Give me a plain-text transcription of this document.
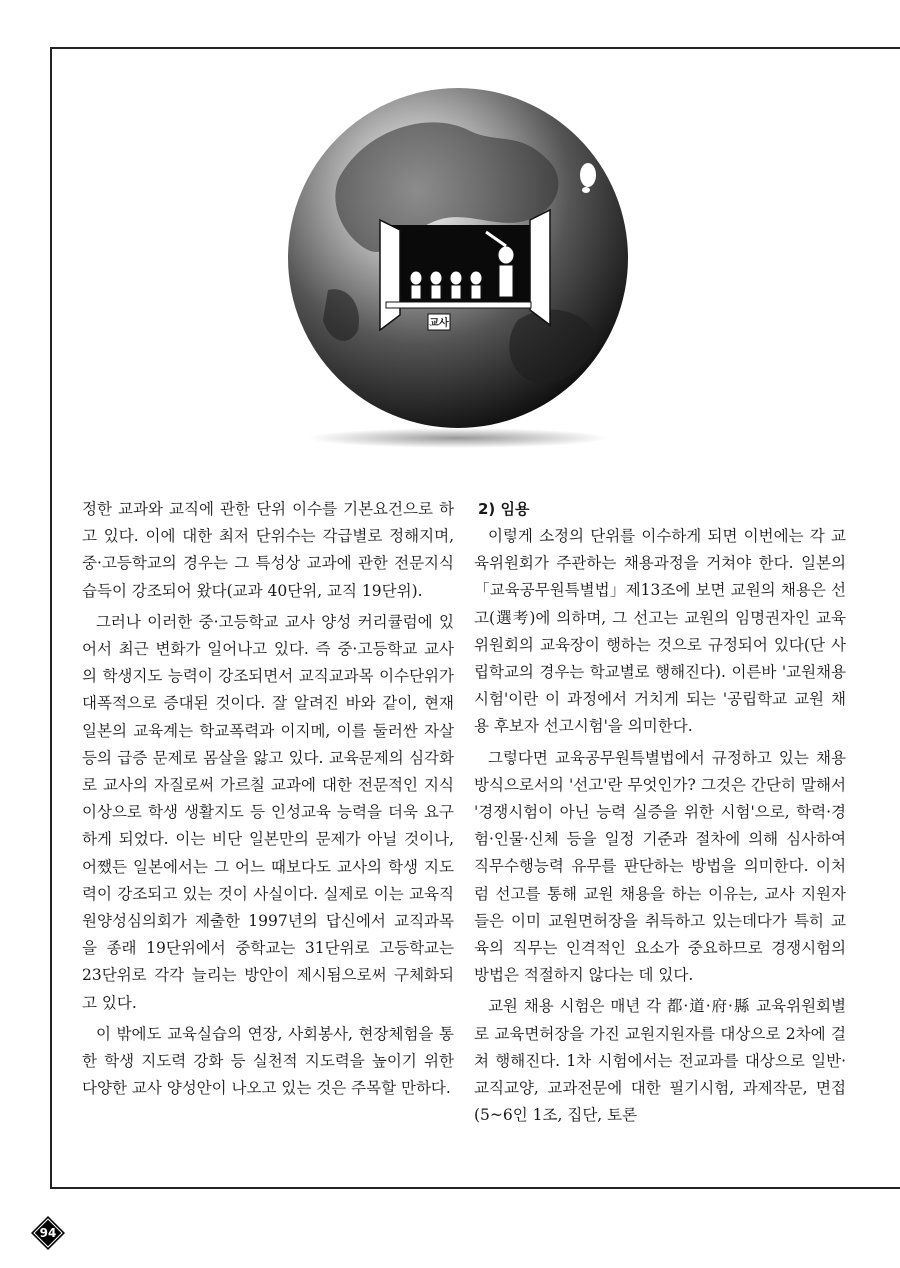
교사

정한 교과와 교직에 관한 단위 이수를 기본요건으로 하고 있다. 이에 대한 최저 단위수는 각급별로 정해지며, 중·고등학교의 경우는 그 특성상 교과에 관한 전문지식 습득이 강조되어 왔다(교과 40단위, 교직 19단위).

그러나 이러한 중·고등학교 교사 양성 커리큘럼에 있어서 최근 변화가 일어나고 있다. 즉 중·고등학교 교사의 학생지도 능력이 강조되면서 교직교과목 이수단위가 대폭적으로 증대된 것이다. 잘 알려진 바와 같이, 현재 일본의 교육계는 학교폭력과 이지메, 이를 둘러싼 자살 등의 급증 문제로 몸살을 앓고 있다. 교육문제의 심각화로 교사의 자질로써 가르칠 교과에 대한 전문적인 지식 이상으로 학생 생활지도 등 인성교육 능력을 더욱 요구하게 되었다. 이는 비단 일본만의 문제가 아닐 것이나, 어쨌든 일본에서는 그 어느 때보다도 교사의 학생 지도력이 강조되고 있는 것이 사실이다. 실제로 이는 교육직원양성심의회가 제출한 1997년의 답신에서 교직과목을 종래 19단위에서 중학교는 31단위로 고등학교는 23단위로 각각 늘리는 방안이 제시됨으로써 구체화되고 있다.

이 밖에도 교육실습의 연장, 사회봉사, 현장체험을 통한 학생 지도력 강화 등 실천적 지도력을 높이기 위한 다양한 교사 양성안이 나오고 있는 것은 주목할 만하다.

2) 임용

이렇게 소정의 단위를 이수하게 되면 이번에는 각 교육위원회가 주관하는 채용과정을 거쳐야 한다. 일본의「교육공무원특별법」제13조에 보면 교원의 채용은 선고(選考)에 의하며, 그 선고는 교원의 임명권자인 교육위원회의 교육장이 행하는 것으로 규정되어 있다(단 사립학교의 경우는 학교별로 행해진다). 이른바 '교원채용시험'이란 이 과정에서 거치게 되는 '공립학교 교원 채용 후보자 선고시험'을 의미한다.

그렇다면 교육공무원특별법에서 규정하고 있는 채용 방식으로서의 '선고'란 무엇인가? 그것은 간단히 말해서 '경쟁시험이 아닌 능력 실증을 위한 시험'으로, 학력·경험·인물·신체 등을 일정 기준과 절차에 의해 심사하여 직무수행능력 유무를 판단하는 방법을 의미한다. 이처럼 선고를 통해 교원 채용을 하는 이유는, 교사 지원자들은 이미 교원면허장을 취득하고 있는데다가 특히 교육의 직무는 인격적인 요소가 중요하므로 경쟁시험의 방법은 적절하지 않다는 데 있다.

교원 채용 시험은 매년 각 都·道·府·縣 교육위원회별로 교육면허장을 가진 교원지원자를 대상으로 2차에 걸쳐 행해진다. 1차 시험에서는 전교과를 대상으로 일반·교직교양, 교과전문에 대한 필기시험, 과제작문, 면접(5~6인 1조, 집단, 토론

94
